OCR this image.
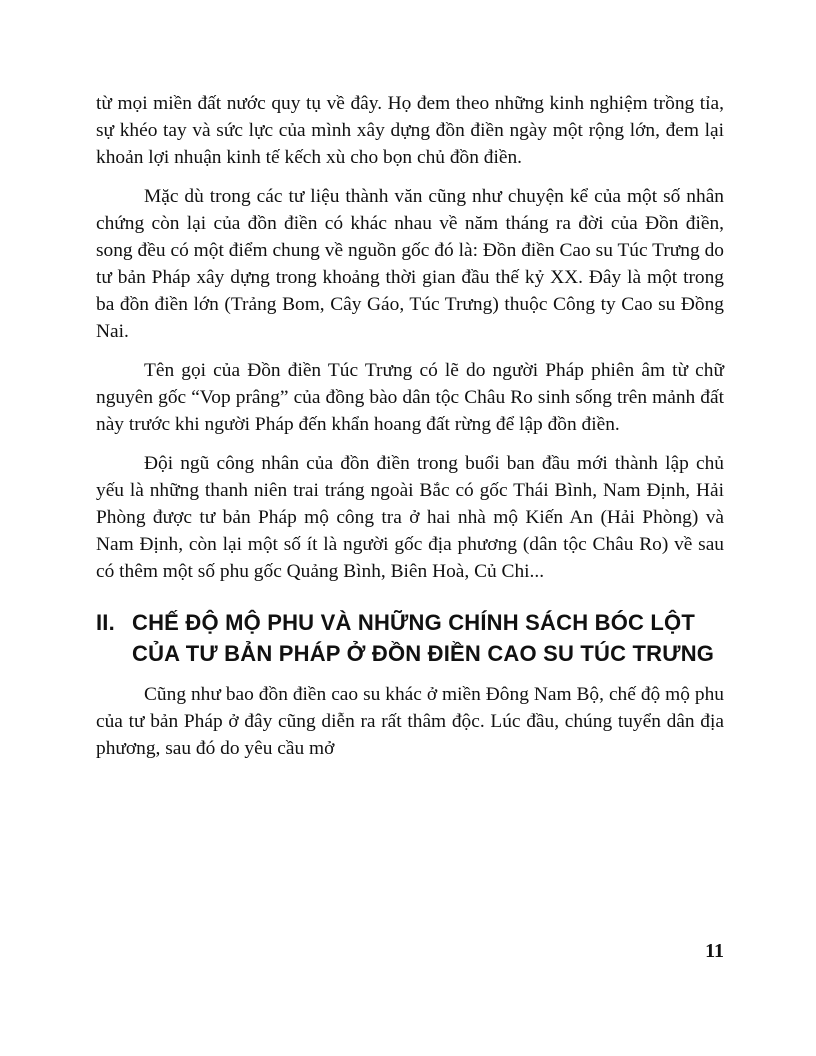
từ mọi miền đất nước quy tụ về đây. Họ đem theo những kinh nghiệm trồng tỉa, sự khéo tay và sức lực của mình xây dựng đồn điền ngày một rộng lớn, đem lại khoản lợi nhuận kinh tế kếch xù cho bọn chủ đồn điền.

Mặc dù trong các tư liệu thành văn cũng như chuyện kể của một số nhân chứng còn lại của đồn điền có khác nhau về năm tháng ra đời của Đồn điền, song đều có một điểm chung về nguồn gốc đó là: Đồn điền Cao su Túc Trưng do tư bản Pháp xây dựng trong khoảng thời gian đầu thế kỷ XX. Đây là một trong ba đồn điền lớn (Trảng Bom, Cây Gáo, Túc Trưng) thuộc Công ty Cao su Đồng Nai.

Tên gọi của Đồn điền Túc Trưng có lẽ do người Pháp phiên âm từ chữ nguyên gốc “Vop prâng” của đồng bào dân tộc Châu Ro sinh sống trên mảnh đất này trước khi người Pháp đến khẩn hoang đất rừng để lập đồn điền.

Đội ngũ công nhân của đồn điền trong buổi ban đầu mới thành lập chủ yếu là những thanh niên trai tráng ngoài Bắc có gốc Thái Bình, Nam Định, Hải Phòng được tư bản Pháp mộ công tra ở hai nhà mộ Kiến An (Hải Phòng) và Nam Định, còn lại một số ít là người gốc địa phương (dân tộc Châu Ro) về sau có thêm một số phu gốc Quảng Bình, Biên Hoà, Củ Chi...

II. CHẾ ĐỘ MỘ PHU VÀ NHỮNG CHÍNH SÁCH BÓC LỘT CỦA TƯ BẢN PHÁP Ở ĐỒN ĐIỀN CAO SU TÚC TRƯNG

Cũng như bao đồn điền cao su khác ở miền Đông Nam Bộ, chế độ mộ phu của tư bản Pháp ở đây cũng diễn ra rất thâm độc. Lúc đầu, chúng tuyển dân địa phương, sau đó do yêu cầu mở

11
